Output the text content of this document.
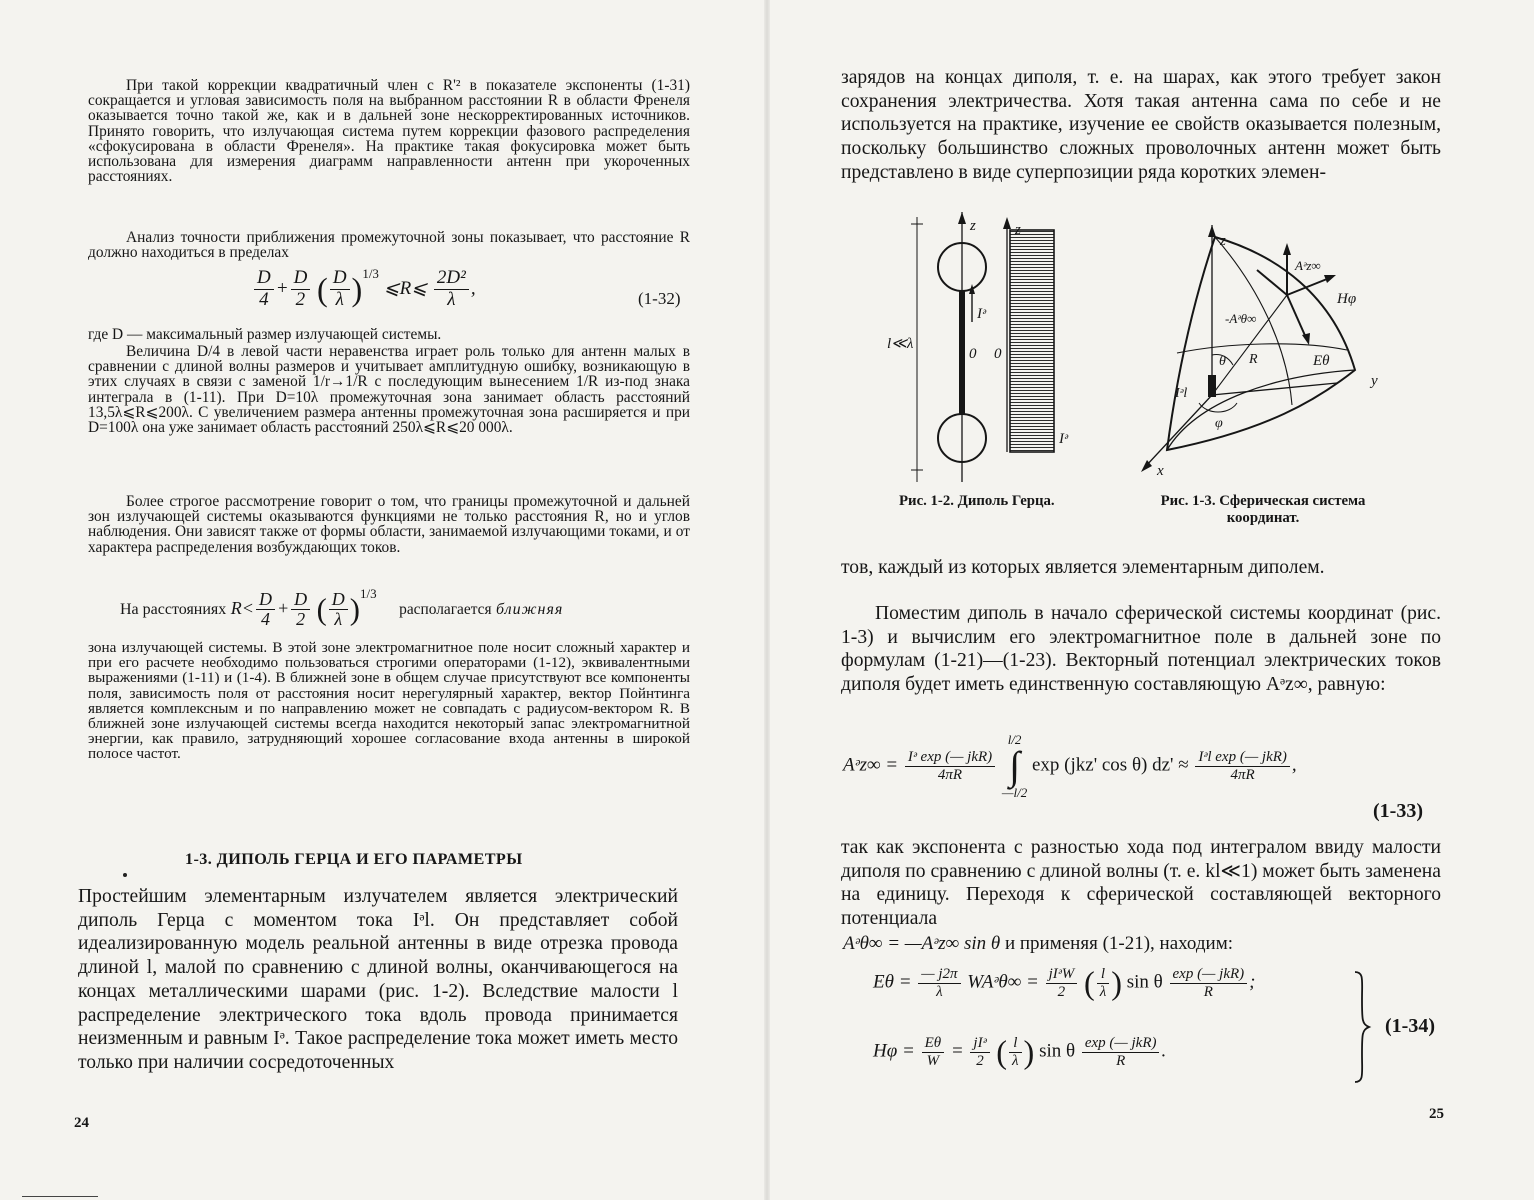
При такой коррекции квадратичный член с R'² в показателе экспоненты (1-31) сокращается и угловая зависимость поля на выбранном расстоянии R в области Френеля оказывается точно такой же, как и в дальней зоне нескорректированных источников. Принято говорить, что излучающая система путем коррекции фазового распределения «сфокусирована в области Френеля». На практике такая фокусировка может быть использована для измерения диаграмм направленности антенн при укороченных расстояниях.

Анализ точности приближения промежуточной зоны показывает, что расстояние R должно находиться в пределах

$\frac{D}{4} + \frac{D}{2}$ ( $\frac{D}{\lambda} )^{1/3}$ ⩽R⩽ $\frac{\text{2D²}}{\lambda}$ ,	(1-32)

где D — максимальный размер излучающей системы.

Величина D/4 в левой части неравенства играет роль только для антенн малых в сравнении с длиной волны размеров и учитывает амплитудную ошибку, возникающую в этих случаях в связи с заменой 1/r→1/R с последующим вынесением 1/R из-под знака интеграла в (1-11). При D=10λ промежуточная зона занимает область расстояний 13,5λ⩽R⩽200λ. С увеличением размера антенны промежуточная зона расширяется и при D=100λ она уже занимает область расстояний 250λ⩽R⩽20 000λ.

Более строгое рассмотрение говорит о том, что границы промежуточной и дальней зон излучающей системы оказываются функциями не только расстояния R, но и углов наблюдения. Они зависят также от формы области, занимаемой излучающими токами, и от характера распределения возбуждающих токов.

На расстояниях $R< \frac{D}{4} + \frac{D}{2}$ ( $\frac{D}{\lambda} )^{1/3}$ располагается ближняя

зона излучающей системы. В этой зоне электромагнитное поле носит сложный характер и при его расчете необходимо пользоваться строгими операторами (1-12), эквивалентными выражениями (1-11) и (1-4). В ближней зоне в общем случае присутствуют все компоненты поля, зависимость поля от расстояния носит нерегулярный характер, вектор Пойнтинга является комплексным и по направлению может не совпадать с радиусом-вектором R. В ближней зоне излучающей системы всегда находится некоторый запас электромагнитной энергии, как правило, затрудняющий хорошее согласование входа антенны в широкой полосе частот.

1-3. ДИПОЛЬ ГЕРЦА И ЕГО ПАРАМЕТРЫ

Простейшим элементарным излучателем является электрический диполь Герца с моментом тока Iᵊl. Он представляет собой идеализированную модель реальной антенны в виде отрезка провода длиной l, малой по сравнению с длиной волны, оканчивающегося на концах металлическими шарами (рис. 1-2). Вследствие малости l распределение электрического тока вдоль провода принимается неизменным и равным Iᵊ. Такое распределение тока может иметь место только при наличии сосредоточенных

24

зарядов на концах диполя, т. е. на шарах, как этого требует закон сохранения электричества. Хотя такая антенна сама по себе и не используется на практике, изучение ее свойств оказывается полезным, поскольку большинство сложных проволочных антенн может быть представлено в виде суперпозиции ряда коротких элемен-

z	z
l≪λ
Iᵊ
0 0
Iᵊ
z
Aᵊz∞
-Aᵊθ∞
Hφ
θ R	Eθ
y
Iᵊl
φ
x
Рис. 1-2. Диполь Герца.	Рис. 1-3. Сферическая система координат.

тов, каждый из которых является элементарным диполем.

Поместим диполь в начало сферической системы координат (рис. 1-3) и вычислим его электромагнитное поле в дальней зоне по формулам (1-21)—(1-23). Векторный потенциал электрических токов диполя будет иметь единственную составляющую Aᵊz∞, равную:

Aᵊz∞ = $\frac{\text{Iᵊ exp (— jkR)}}{4\pi R}$

l/2
∫
—l/2
exp (jkz' cos θ) $dz' \approx \frac{\text{Iᵊl exp (— jkR)}}{4\pi R}$ ,
(1-33)

так как экспонента с разностью хода под интегралом ввиду малости диполя по сравнению с длиной волны (т. е. kl≪1) может быть заменена на единицу. Переходя к сферической составляющей векторного потенциала

Aᵊθ∞ = —Aᵊz∞ sin θ и применяя (1-21), находим:
$E\theta = \frac{— j2\pi}{\lambda}$ WAᵊθ∞ = $\frac{\text{jIᵊW}}{2}$ ( $\frac{l}{\lambda}$ ) sin θ $\frac{\text{exp (— jkR)}}{R}$ ;
$H\varphi = \frac{E\theta}{W} = \frac{\text{jIᵊ}}{2}$ ( $\frac{l}{\lambda}$ ) sin θ $\frac{\text{exp (— jkR)}}{R}$ .
(1-34)
25
